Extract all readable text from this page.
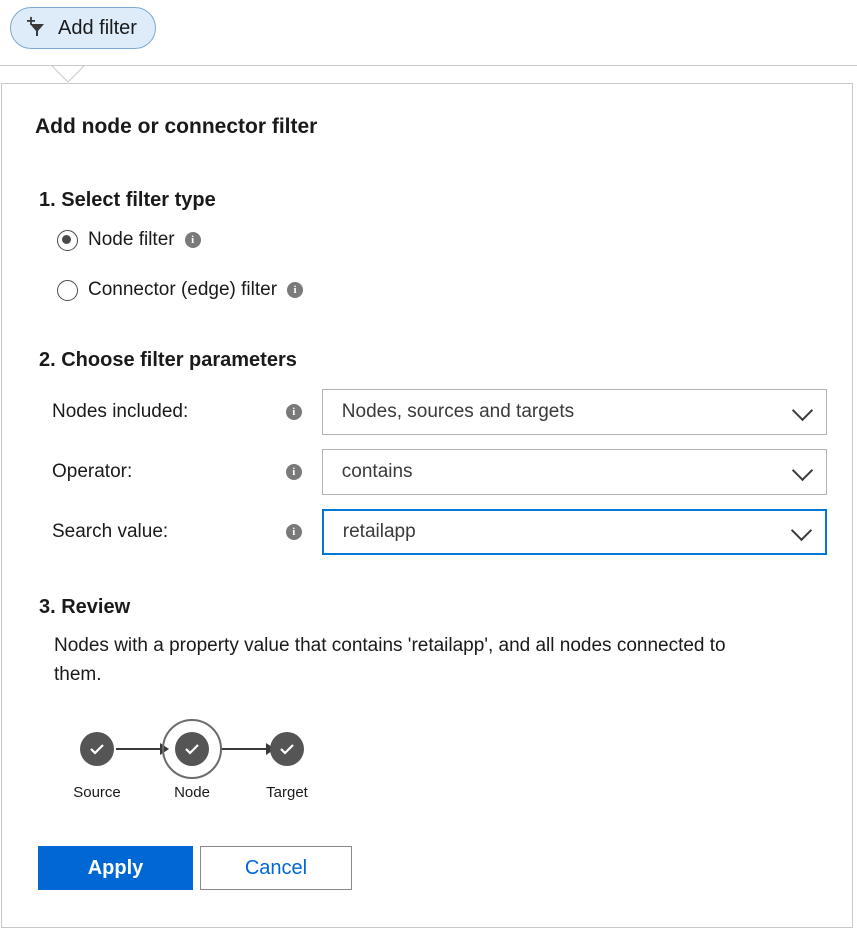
Add filter
Add node or connector filter
1. Select filter type
Node filter	i
Connector (edge) filter	i
2. Choose filter parameters
Nodes included:	i	Nodes, sources and targets
Operator:	i	contains
Search value:	i	retailapp
3. Review
Nodes with a property value that contains 'retailapp', and all nodes connected to them.
Source	Node	Target
Apply	Cancel
